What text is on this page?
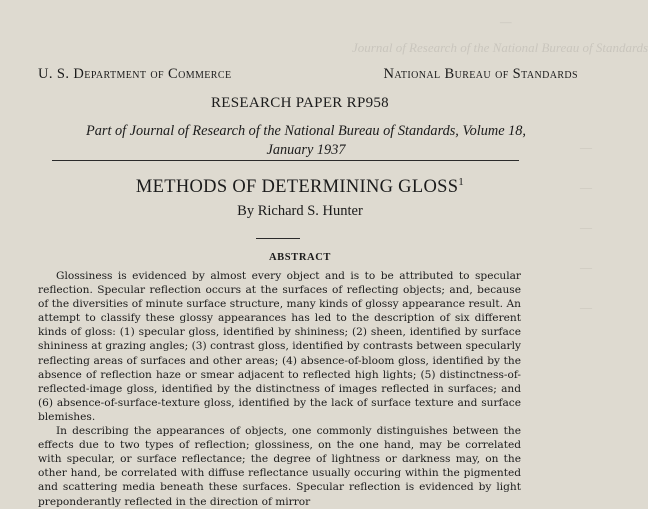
Journal of Research of the National Bureau of Standards
—
—
—
—
—
—
U. S. Department of Commerce	National Bureau of Standards
RESEARCH PAPER RP958
Part of Journal of Research of the National Bureau of Standards, Volume 18,
January 1937
METHODS OF DETERMINING GLOSS$^1$
By Richard S. Hunter
ABSTRACT

Glossiness is evidenced by almost every object and is to be attributed to specular reflection. Specular reflection occurs at the surfaces of reflecting objects; and, because of the diversities of minute surface structure, many kinds of glossy appearance result. An attempt to classify these glossy appearances has led to the description of six different kinds of gloss: (1) specular gloss, identified by shininess; (2) sheen, identified by surface shininess at grazing angles; (3) contrast gloss, identified by contrasts between specularly reflecting areas of surfaces and other areas; (4) absence-of-bloom gloss, identified by the absence of reflection haze or smear adjacent to reflected high lights; (5) distinctness-of-reflected-image gloss, identified by the distinctness of images reflected in surfaces; and (6) absence-of-surface-texture gloss, identified by the lack of surface texture and surface blemishes.

In describing the appearances of objects, one commonly distinguishes between the effects due to two types of reflection; glossiness, on the one hand, may be correlated with specular, or surface reflectance; the degree of lightness or darkness may, on the other hand, be correlated with diffuse reflectance usually occuring within the pigmented and scattering media beneath these surfaces. Specular reflection is evidenced by light preponderantly reflected in the direction of mirror
